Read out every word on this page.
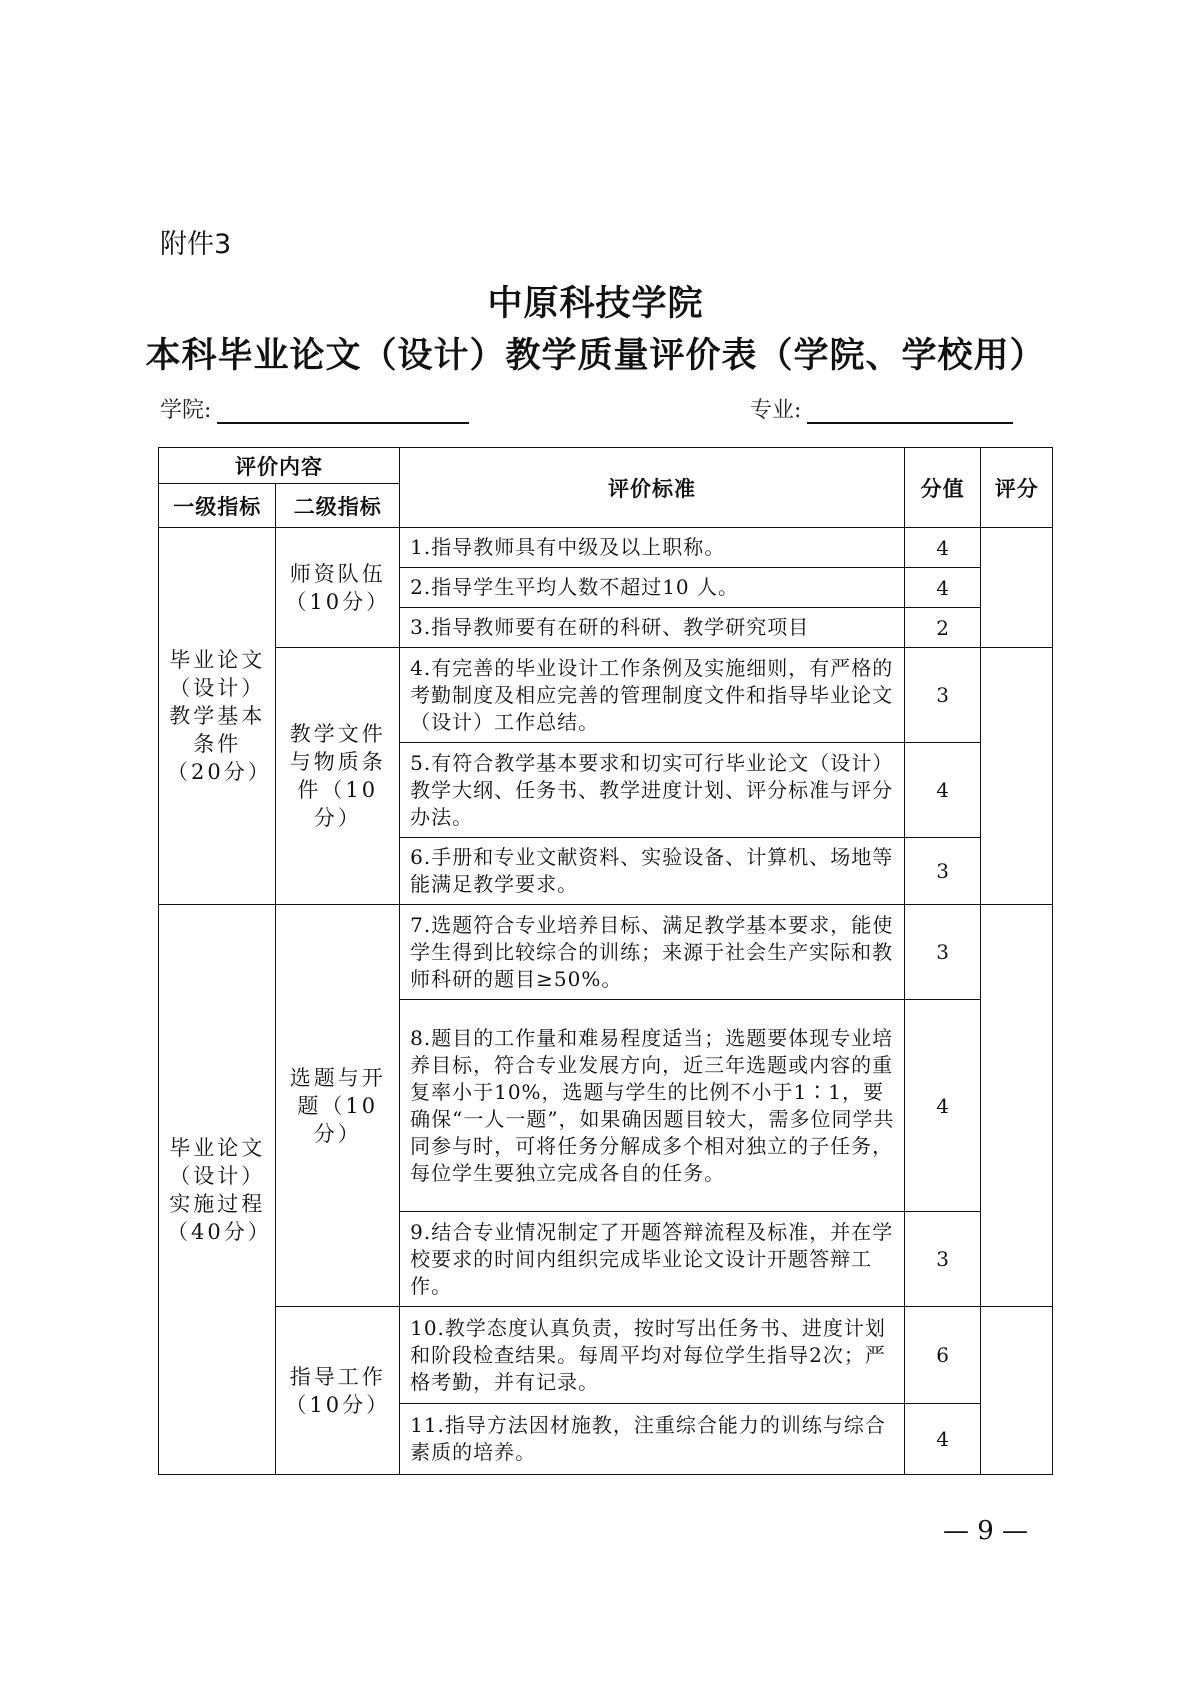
附件3
中原科技学院
本科毕业论文（设计）教学质量评价表（学院、学校用）
学院:	专业:
评价内容		评价标准	分值	评分
一级指标	二级指标			
毕业论文（设计）教学基本条件（20分）	师资队伍（10分）	1.指导教师具有中级及以上职称。	4	
		2.指导学生平均人数不超过10 人。	4	
		3.指导教师要有在研的科研、教学研究项目	2	
	教学文件与物质条件（10分）	4.有完善的毕业设计工作条例及实施细则，有严格的考勤制度及相应完善的管理制度文件和指导毕业论文（设计）工作总结。	3	
		5.有符合教学基本要求和切实可行毕业论文（设计）教学大纲、任务书、教学进度计划、评分标准与评分办法。	4	
		6.手册和专业文献资料、实验设备、计算机、场地等能满足教学要求。	3	
毕业论文（设计）实施过程（40分）	选题与开题（10分）	7.选题符合专业培养目标、满足教学基本要求，能使学生得到比较综合的训练；来源于社会生产实际和教师科研的题目≥50%。	3	
		8.题目的工作量和难易程度适当；选题要体现专业培养目标，符合专业发展方向，近三年选题或内容的重复率小于10%，选题与学生的比例不小于1∶1，要确保“一人一题”，如果确因题目较大，需多位同学共同参与时，可将任务分解成多个相对独立的子任务，每位学生要独立完成各自的任务。	4	
		9.结合专业情况制定了开题答辩流程及标准，并在学校要求的时间内组织完成毕业论文设计开题答辩工作。	3	
	指导工作（10分）	10.教学态度认真负责，按时写出任务书、进度计划和阶段检查结果。每周平均对每位学生指导2次；严格考勤，并有记录。	6	
		11.指导方法因材施教，注重综合能力的训练与综合素质的培养。	4	
— 9 —
